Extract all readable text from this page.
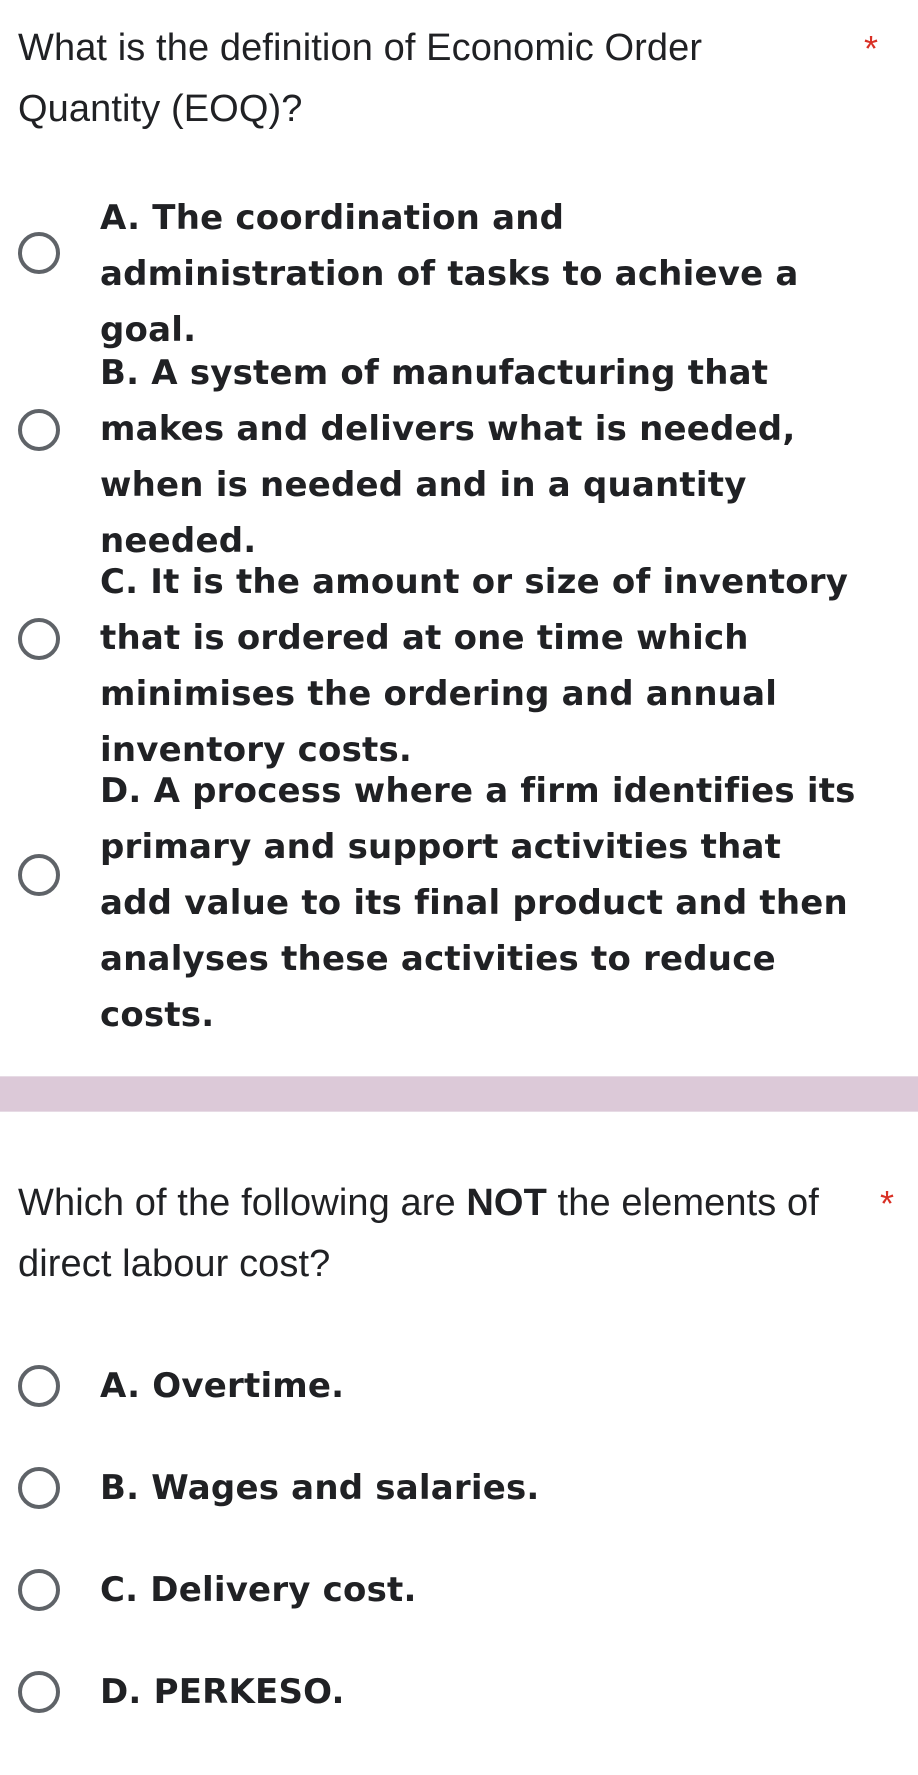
What is the definition of Economic Order Quantity (EOQ)?
*
A. The coordination and administration of tasks to achieve a goal.
B. A system of manufacturing that makes and delivers what is needed, when is needed and in a quantity needed.
C. It is the amount or size of inventory that is ordered at one time which minimises the ordering and annual inventory costs.
D. A process where a firm identifies its primary and support activities that add value to its final product and then analyses these activities to reduce costs.
Which of the following are NOT the elements of direct labour cost?
*
A. Overtime.
B. Wages and salaries.
C. Delivery cost.
D. PERKESO.
